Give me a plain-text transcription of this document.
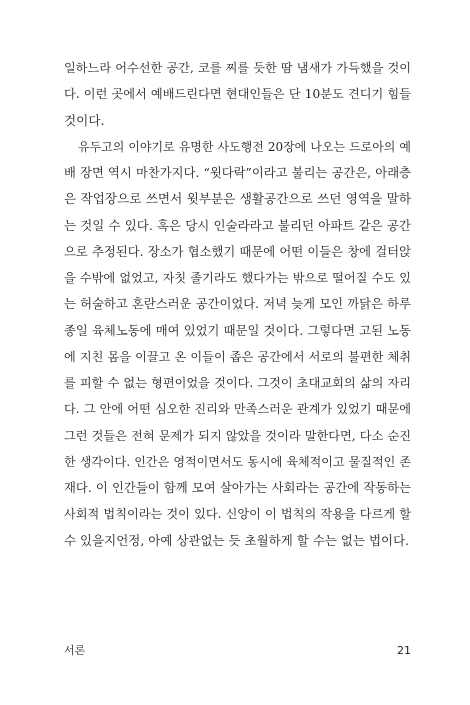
일하느라 어수선한 공간, 코를 찌를 듯한 땀 냄새가 가득했을 것이
다. 이런 곳에서 예배드린다면 현대인들은 단 10분도 견디기 힘들
것이다.

유두고의 이야기로 유명한 사도행전 20장에 나오는 드로아의 예
배 장면 역시 마찬가지다. “윗다락”이라고 불리는 공간은, 아래층
은 작업장으로 쓰면서 윗부분은 생활공간으로 쓰던 영역을 말하
는 것일 수 있다. 혹은 당시 인술라라고 불리던 아파트 같은 공간
으로 추정된다. 장소가 협소했기 때문에 어떤 이들은 창에 걸터앉
을 수밖에 없었고, 자칫 졸기라도 했다가는 밖으로 떨어질 수도 있
는 허술하고 혼란스러운 공간이었다. 저녁 늦게 모인 까닭은 하루
종일 육체노동에 매여 있었기 때문일 것이다. 그렇다면 고된 노동
에 지친 몸을 이끌고 온 이들이 좁은 공간에서 서로의 불편한 체취
를 피할 수 없는 형편이었을 것이다. 그것이 초대교회의 삶의 자리
다. 그 안에 어떤 심오한 진리와 만족스러운 관계가 있었기 때문에
그런 것들은 전혀 문제가 되지 않았을 것이라 말한다면, 다소 순진
한 생각이다. 인간은 영적이면서도 동시에 육체적이고 물질적인 존
재다. 이 인간들이 함께 모여 살아가는 사회라는 공간에 작동하는
사회적 법칙이라는 것이 있다. 신앙이 이 법칙의 작용을 다르게 할
수 있을지언정, 아예 상관없는 듯 초월하게 할 수는 없는 법이다.

서론	21
